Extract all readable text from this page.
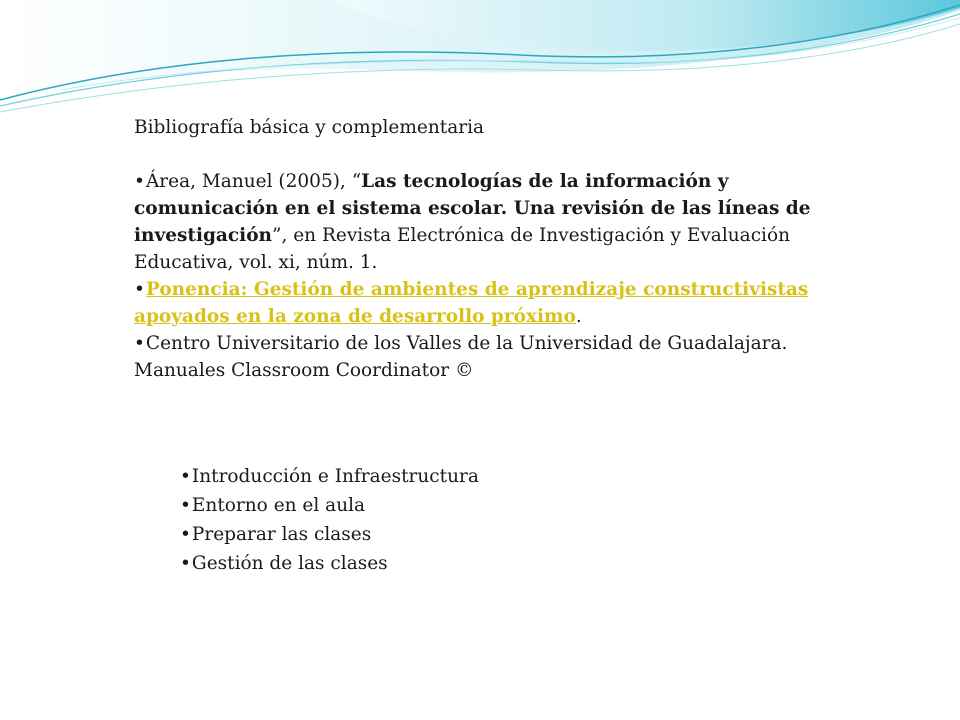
Bibliografía básica y complementaria

• Área, Manuel (2005), “Las tecnologías de la información y comunicación en el sistema escolar. Una revisión de las líneas de investigación”, en Revista Electrónica de Investigación y Evaluación Educativa, vol. xi, núm. 1.

• Ponencia: Gestión de ambientes de aprendizaje constructivistas apoyados en la zona de desarrollo próximo.

• Centro Universitario de los Valles de la Universidad de Guadalajara. Manuales Classroom Coordinator ©

• Introducción e Infraestructura

• Entorno en el aula

• Preparar las clases

• Gestión de las clases
